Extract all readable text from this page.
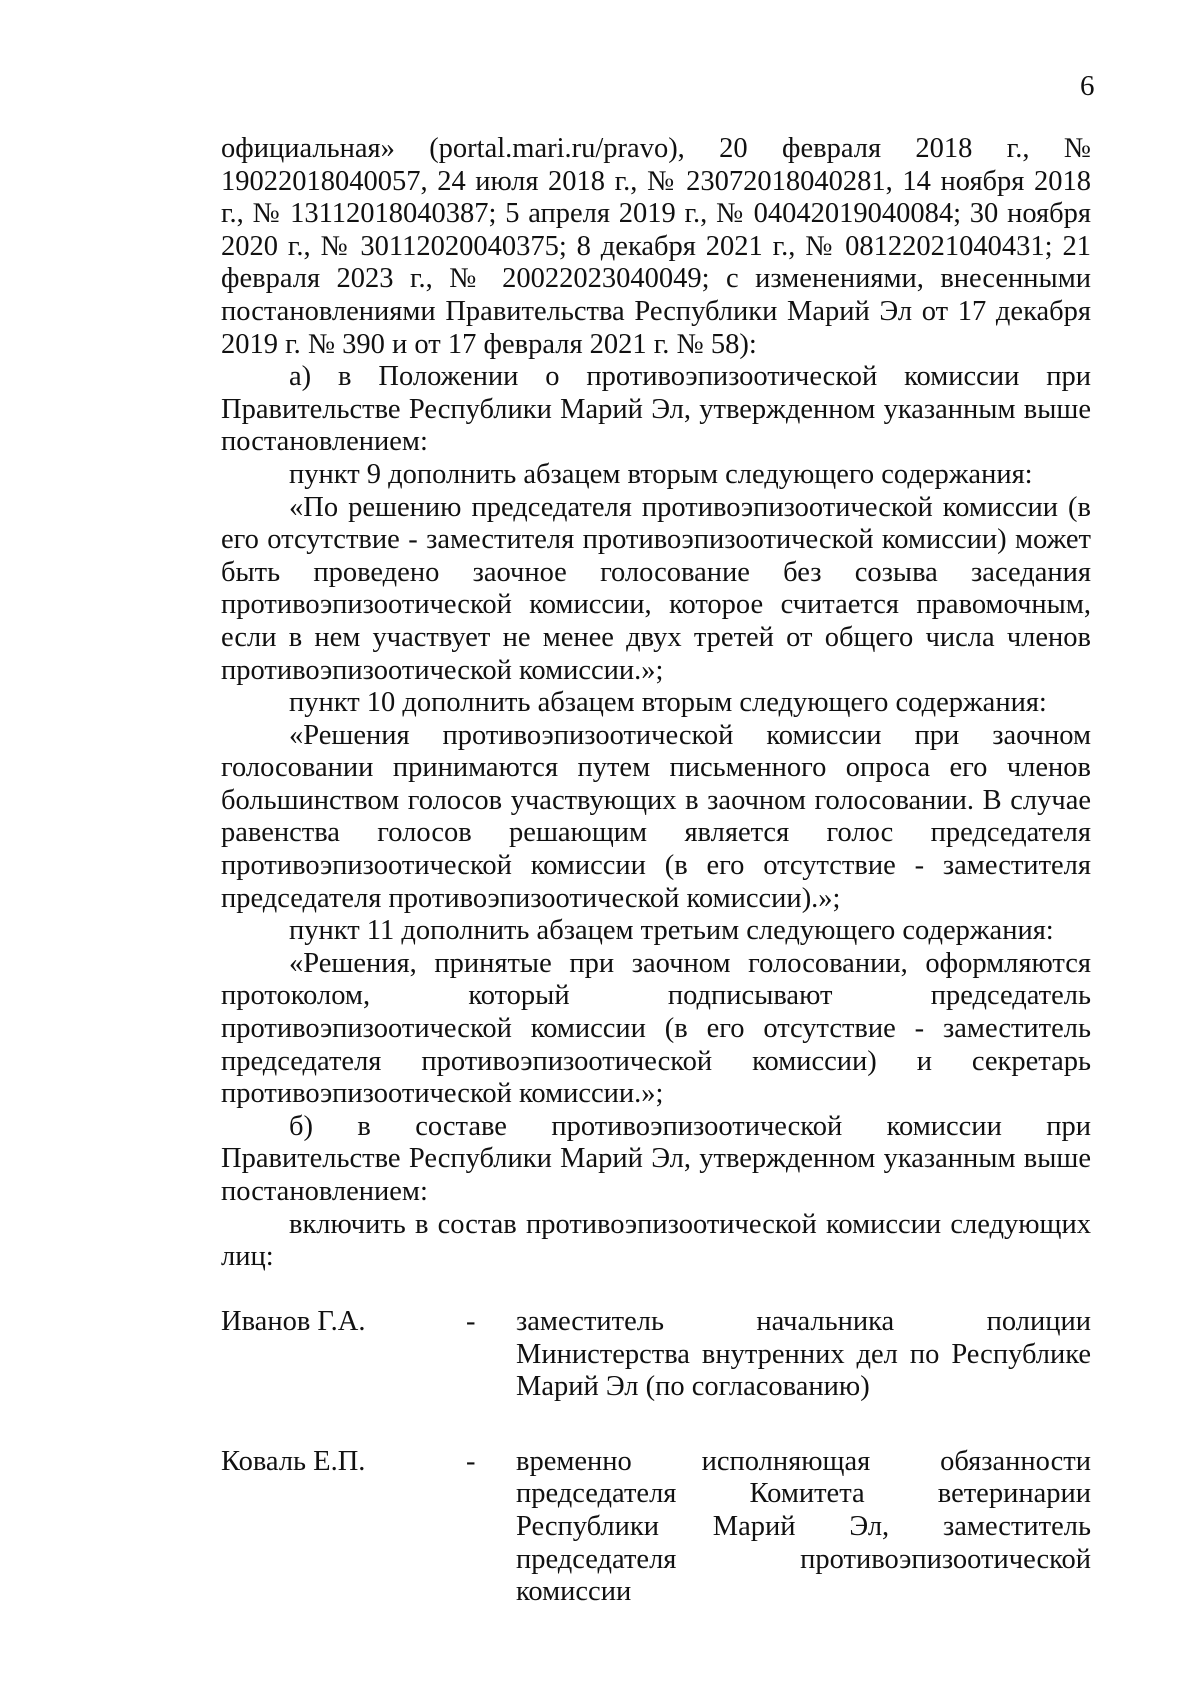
6

официальная» (portal.mari.ru/pravo), 20 февраля 2018 г., № 19022018040057, 24 июля 2018 г., № 23072018040281, 14 ноября 2018 г., № 13112018040387; 5 апреля 2019 г., № 04042019040084; 30 ноября 2020 г., № 30112020040375; 8 декабря 2021 г., № 08122021040431; 21 февраля 2023 г., № 20022023040049; с изменениями, внесенными постановлениями Правительства Республики Марий Эл от 17 декабря 2019 г. № 390 и от 17 февраля 2021 г. № 58):

а) в Положении о противоэпизоотической комиссии при Правительстве Республики Марий Эл, утвержденном указанным выше постановлением:

пункт 9 дополнить абзацем вторым следующего содержания:

«По решению председателя противоэпизоотической комиссии (в его отсутствие - заместителя противоэпизоотической комиссии) может быть проведено заочное голосование без созыва заседания противоэпизоотической комиссии, которое считается правомочным, если в нем участвует не менее двух третей от общего числа членов противоэпизоотической комиссии.»;

пункт 10 дополнить абзацем вторым следующего содержания:

«Решения противоэпизоотической комиссии при заочном голосовании принимаются путем письменного опроса его членов большинством голосов участвующих в заочном голосовании. В случае равенства голосов решающим является голос председателя противоэпизоотической комиссии (в его отсутствие - заместителя председателя противоэпизоотической комиссии).»;

пункт 11 дополнить абзацем третьим следующего содержания:

«Решения, принятые при заочном голосовании, оформляются протоколом, который подписывают председатель противоэпизоотической комиссии (в его отсутствие - заместитель председателя противоэпизоотической комиссии) и секретарь противоэпизоотической комиссии.»;

б) в составе противоэпизоотической комиссии при Правительстве Республики Марий Эл, утвержденном указанным выше постановлением:

включить в состав противоэпизоотической комиссии следующих лиц:

Иванов Г.А.	-	заместитель начальника полиции Министерства внутренних дел по Республике Марий Эл (по согласованию)
Коваль Е.П.	-	временно исполняющая обязанности председателя Комитета ветеринарии Республики Марий Эл, заместитель председателя противоэпизоотической комиссии
